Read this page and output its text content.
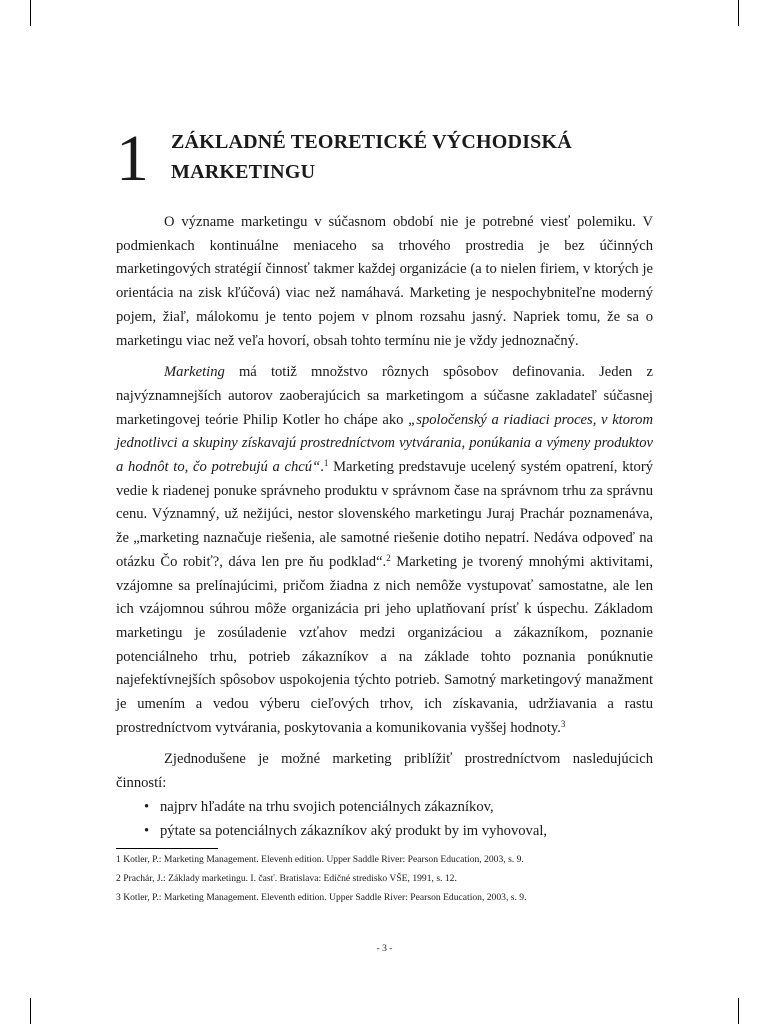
1 ZÁKLADNÉ TEORETICKÉ VÝCHODISKÁ
MARKETINGU

O význame marketingu v súčasnom období nie je potrebné viesť polemiku. V podmienkach kontinuálne meniaceho sa trhového prostredia je bez účinných marketingových stratégií činnosť takmer každej organizácie (a to nielen firiem, v ktorých je orientácia na zisk kľúčová) viac než namáhavá. Marketing je nespochybniteľne moderný pojem, žiaľ, málokomu je tento pojem v plnom rozsahu jasný. Napriek tomu, že sa o marketingu viac než veľa hovorí, obsah tohto termínu nie je vždy jednoznačný.

Marketing má totiž množstvo rôznych spôsobov definovania. Jeden z najvýznamnejších autorov zaoberajúcich sa marketingom a súčasne zakladateľ súčasnej marketingovej teórie Philip Kotler ho chápe ako „spoločenský a riadiaci proces, v ktorom jednotlivci a skupiny získavajú prostredníctvom vytvárania, ponúkania a výmeny produktov a hodnôt to, čo potrebujú a chcú“.$^1$ Marketing predstavuje ucelený systém opatrení, ktorý vedie k riadenej ponuke správneho produktu v správnom čase na správnom trhu za správnu cenu. Významný, už nežijúci, nestor slovenského marketingu Juraj Prachár poznamenáva, že „marketing naznačuje riešenia, ale samotné riešenie dotiho nepatrí. Nedáva odpoveď na otázku Čo robiť?, dáva len pre ňu podklad“.$^2$ Marketing je tvorený mnohými aktivitami, vzájomne sa prelínajúcimi, pričom žiadna z nich nemôže vystupovať samostatne, ale len ich vzájomnou súhrou môže organizácia pri jeho uplatňovaní prísť k úspechu. Základom marketingu je zosúladenie vzťahov medzi organizáciou a zákazníkom, poznanie potenciálneho trhu, potrieb zákazníkov a na základe tohto poznania ponúknutie najefektívnejších spôsobov uspokojenia týchto potrieb. Samotný marketingový manažment je umením a vedou výberu cieľových trhov, ich získavania, udržiavania a rastu prostredníctvom vytvárania, poskytovania a komunikovania vyššej hodnoty.$^3$

Zjednodušene je možné marketing priblížiť prostredníctvom nasledujúcich činností:

• najprv hľadáte na trhu svojich potenciálnych zákazníkov,
• pýtate sa potenciálnych zákazníkov aký produkt by im vyhovoval,
1 Kotler, P.: Marketing Management. Elevenh edition. Upper Saddle River: Pearson Education, 2003, s. 9.
2 Prachár, J.: Základy marketingu. I. časť. Bratislava: Edičné stredisko VŠE, 1991, s. 12.
3 Kotler, P.: Marketing Management. Eleventh edition. Upper Saddle River: Pearson Education, 2003, s. 9.
- 3 -
